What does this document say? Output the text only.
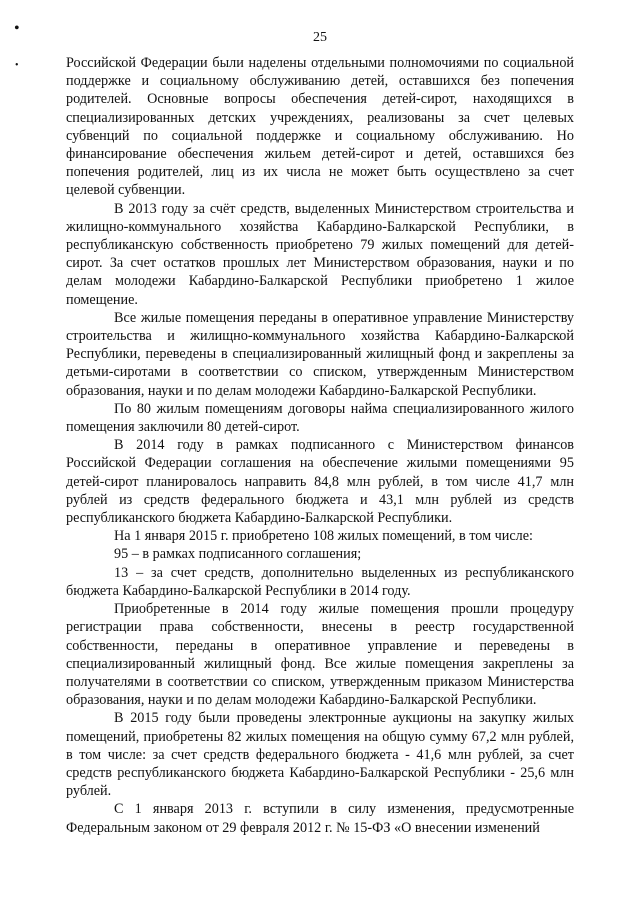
•
•
25

Российской Федерации были наделены отдельными полномочиями по социальной поддержке и социальному обслуживанию детей, оставшихся без попечения родителей. Основные вопросы обеспечения детей-сирот, находящихся в специализированных детских учреждениях, реализованы за счет целевых субвенций по социальной поддержке и социальному обслуживанию. Но финансирование обеспечения жильем детей-сирот и детей, оставшихся без попечения родителей, лиц из их числа не может быть осуществлено за счет целевой субвенции.

В 2013 году за счёт средств, выделенных Министерством строительства и жилищно-коммунального хозяйства Кабардино-Балкарской Республики, в республиканскую собственность приобретено 79 жилых помещений для детей-сирот. За счет остатков прошлых лет Министерством образования, науки и по делам молодежи Кабардино-Балкарской Республики приобретено 1 жилое помещение.

Все жилые помещения переданы в оперативное управление Министерству строительства и жилищно-коммунального хозяйства Кабардино-Балкарской Республики, переведены в специализированный жилищный фонд и закреплены за детьми-сиротами в соответствии со списком, утвержденным Министерством образования, науки и по делам молодежи Кабардино-Балкарской Республики.

По 80 жилым помещениям договоры найма специализированного жилого помещения заключили 80 детей-сирот.

В 2014 году в рамках подписанного с Министерством финансов Российской Федерации соглашения на обеспечение жилыми помещениями 95 детей-сирот планировалось направить 84,8 млн рублей, в том числе 41,7 млн рублей из средств федерального бюджета и 43,1 млн рублей из средств республиканского бюджета Кабардино-Балкарской Республики.

На 1 января 2015 г. приобретено 108 жилых помещений, в том числе:

95 – в рамках подписанного соглашения;

13 – за счет средств, дополнительно выделенных из республиканского бюджета Кабардино-Балкарской Республики в 2014 году.

Приобретенные в 2014 году жилые помещения прошли процедуру регистрации права собственности, внесены в реестр государственной собственности, переданы в оперативное управление и переведены в специализированный жилищный фонд. Все жилые помещения закреплены за получателями в соответствии со списком, утвержденным приказом Министерства образования, науки и по делам молодежи Кабардино-Балкарской Республики.

В 2015 году были проведены электронные аукционы на закупку жилых помещений, приобретены 82 жилых помещения на общую сумму 67,2 млн рублей, в том числе: за счет средств федерального бюджета - 41,6 млн рублей, за счет средств республиканского бюджета Кабардино-Балкарской Республики - 25,6 млн рублей.

С 1 января 2013 г. вступили в силу изменения, предусмотренные Федеральным законом от 29 февраля 2012 г. № 15-ФЗ «О внесении изменений
